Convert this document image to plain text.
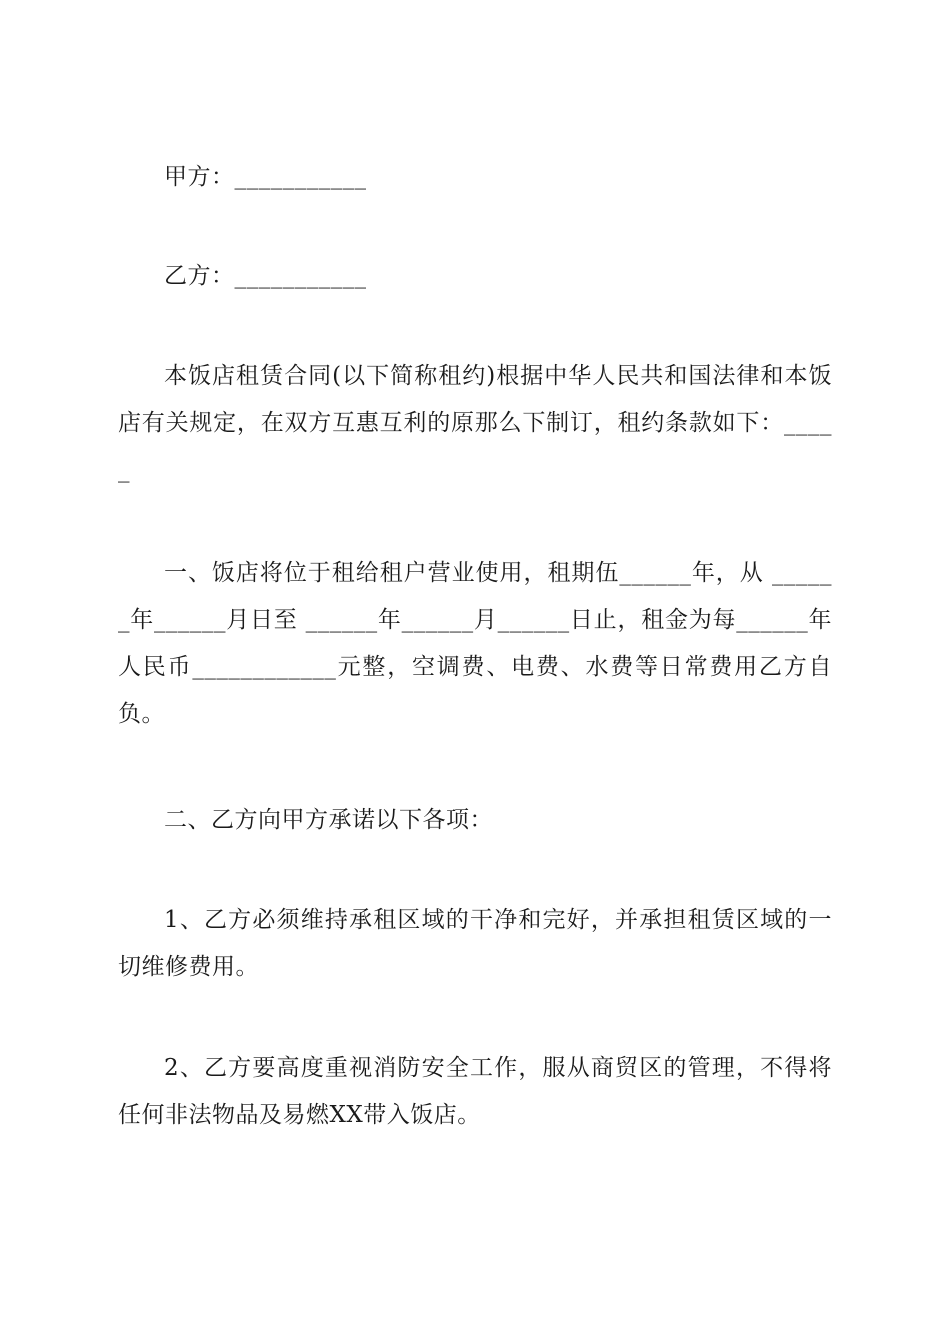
甲方：___________

乙方：___________

本饭店租赁合同(以下简称租约)根据中华人民共和国法律和本饭店有关规定，在双方互惠互利的原那么下制订，租约条款如下：_____

一、饭店将位于租给租户营业使用，租期伍______年，从 ______年______月日至 ______年______月______日止，租金为每______年人民币____________元整，空调费、电费、水费等日常费用乙方自负。

二、乙方向甲方承诺以下各项：

1、乙方必须维持承租区域的干净和完好，并承担租赁区域的一切维修费用。

2、乙方要高度重视消防安全工作，服从商贸区的管理，不得将任何非法物品及易燃XX带入饭店。
